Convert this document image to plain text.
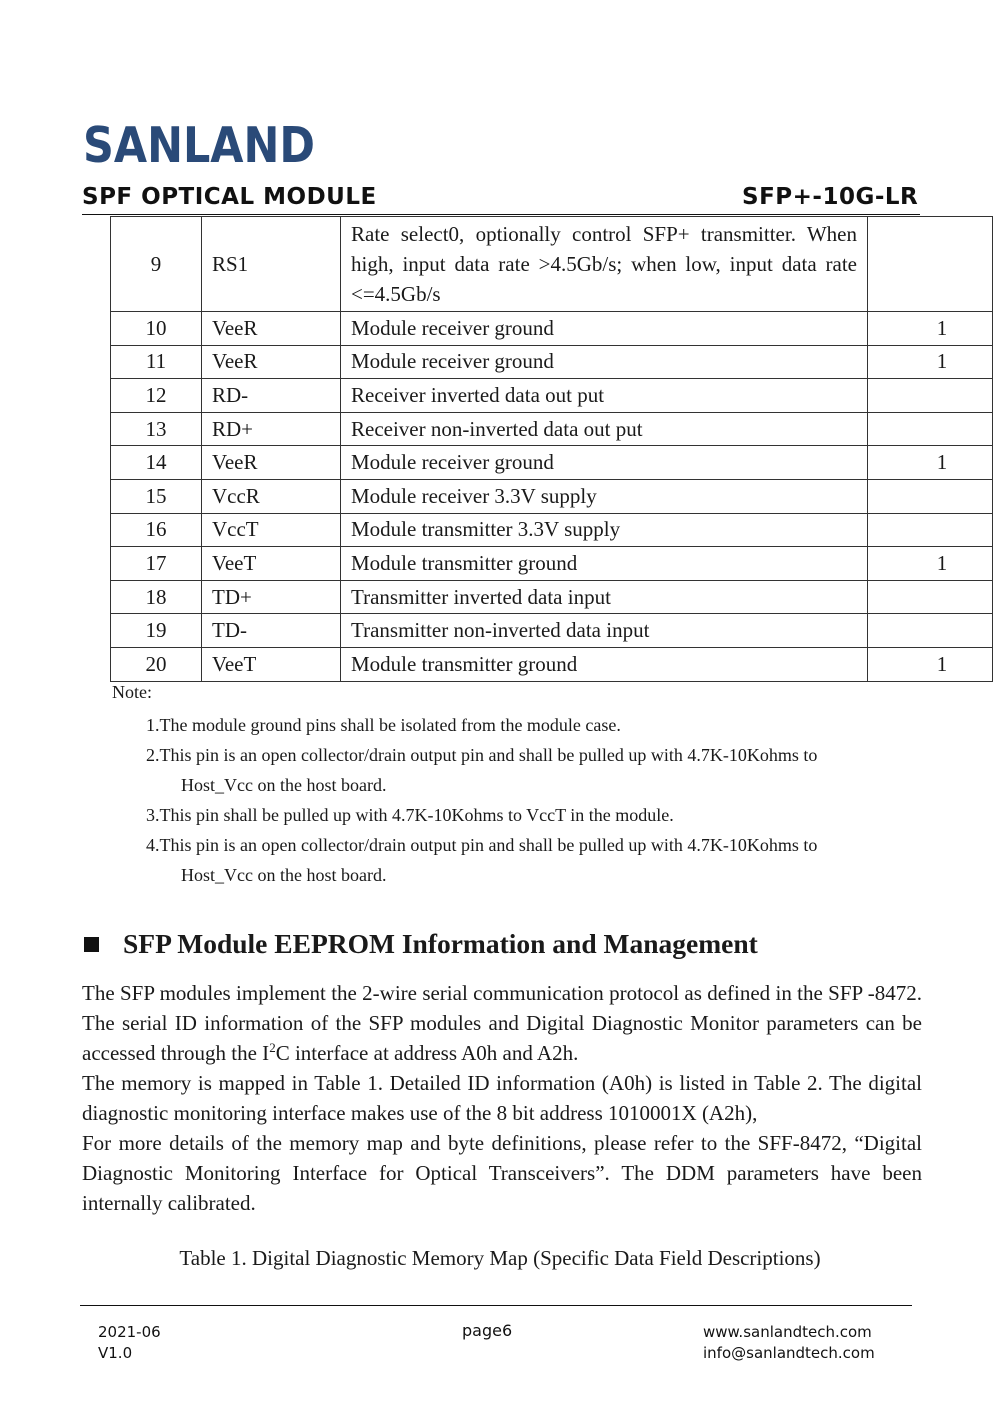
SANLAND
SPF OPTICAL MODULE	SFP+-10G-LR
9	RS1	Rate select0, optionally control SFP+ transmitter. When high, input data rate >4.5Gb/s; when low, input data rate <=4.5Gb/s	
10	VeeR	Module receiver ground	1
11	VeeR	Module receiver ground	1
12	RD-	Receiver inverted data out put	
13	RD+	Receiver non-inverted data out put	
14	VeeR	Module receiver ground	1
15	VccR	Module receiver 3.3V supply	
16	VccT	Module transmitter 3.3V supply	
17	VeeT	Module transmitter ground	1
18	TD+	Transmitter inverted data input	
19	TD-	Transmitter non-inverted data input	
20	VeeT	Module transmitter ground	1
Note:
1. The module ground pins shall be isolated from the module case.
2. This pin is an open collector/drain output pin and shall be pulled up with 4.7K-10Kohms to
Host_Vcc on the host board.
3. This pin shall be pulled up with 4.7K-10Kohms to VccT in the module.
4. This pin is an open collector/drain output pin and shall be pulled up with 4.7K-10Kohms to
Host_Vcc on the host board.
SFP Module EEPROM Information and Management

The SFP modules implement the 2-wire serial communication protocol as defined in the SFP -8472. The serial ID information of the SFP modules and Digital Diagnostic Monitor parameters can be accessed through the $I^2C$ interface at address A0h and A2h.

The memory is mapped in Table 1. Detailed ID information (A0h) is listed in Table 2. The digital diagnostic monitoring interface makes use of the 8 bit address 1010001X (A2h),

For more details of the memory map and byte definitions, please refer to the SFF-8472, “Digital Diagnostic Monitoring Interface for Optical Transceivers”. The DDM parameters have been internally calibrated.

Table 1. Digital Diagnostic Memory Map (Specific Data Field Descriptions)
2021-06
V1.0
page6	www.sanlandtech.com
info@sanlandtech.com
